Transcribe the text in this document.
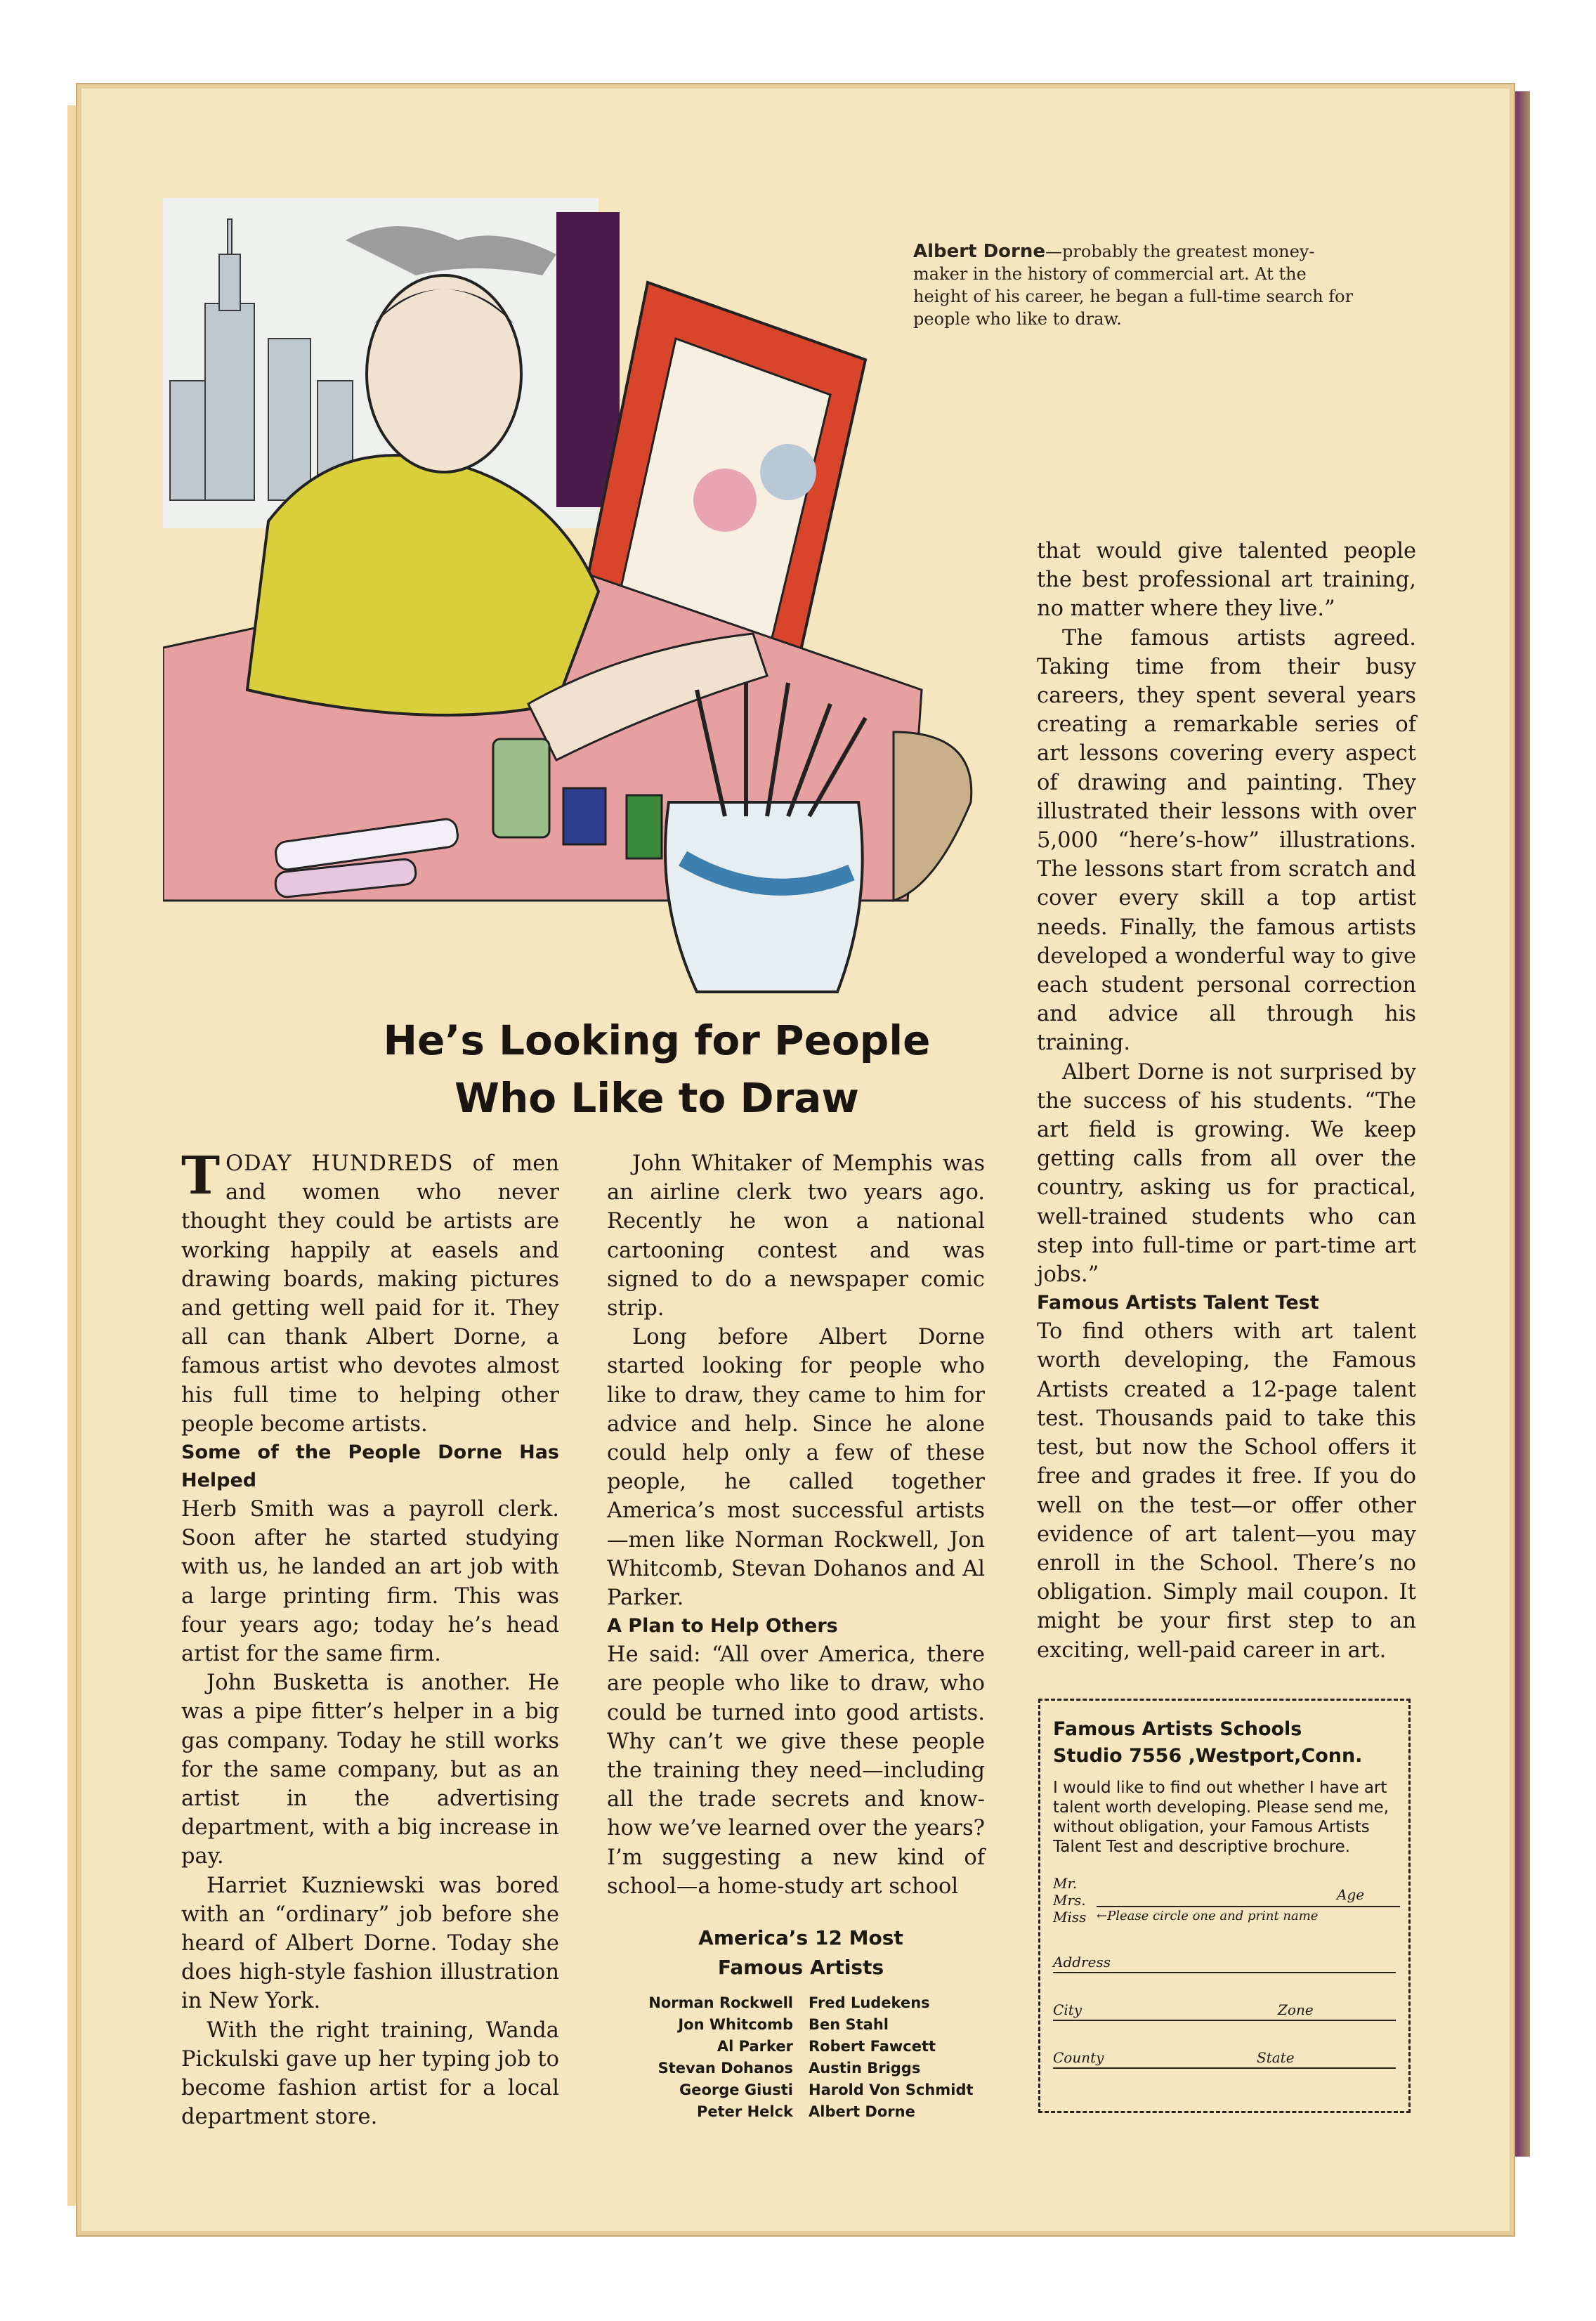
Albert Dorne—probably the greatest money-maker in the history of commercial art. At the height of his career, he began a full-time search for people who like to draw.
He’s Looking for People
Who Like to Draw

TODAY HUNDREDS of men and women who never thought they could be artists are working happily at easels and drawing boards, making pictures and getting well paid for it. They all can thank Albert Dorne, a famous artist who devotes almost his full time to helping other people become artists.

Some of the People Dorne Has Helped

Herb Smith was a payroll clerk. Soon after he started studying with us, he landed an art job with a large printing firm. This was four years ago; today he’s head artist for the same firm.

John Busketta is another. He was a pipe fitter’s helper in a big gas company. Today he still works for the same company, but as an artist in the advertising department, with a big increase in pay.

Harriet Kuzniewski was bored with an “ordinary” job before she heard of Albert Dorne. Today she does high-style fashion illustration in New York.

With the right training, Wanda Pickulski gave up her typing job to become fashion artist for a local department store.

John Whitaker of Memphis was an airline clerk two years ago. Recently he won a national cartooning contest and was signed to do a newspaper comic strip.

Long before Albert Dorne started looking for people who like to draw, they came to him for advice and help. Since he alone could help only a few of these people, he called together America’s most successful artists—men like Norman Rockwell, Jon Whitcomb, Stevan Dohanos and Al Parker.

A Plan to Help Others

He said: “All over America, there are people who like to draw, who could be turned into good artists. Why can’t we give these people the training they need—including all the trade secrets and know-how we’ve learned over the years? I’m suggesting a new kind of school—a home-study art school

that would give talented people the best professional art training, no matter where they live.”

The famous artists agreed. Taking time from their busy careers, they spent several years creating a remarkable series of art lessons covering every aspect of drawing and painting. They illustrated their lessons with over 5,000 “here’s-how” illustrations. The lessons start from scratch and cover every skill a top artist needs. Finally, the famous artists developed a wonderful way to give each student personal correction and advice all through his training.

Albert Dorne is not surprised by the success of his students. “The art field is growing. We keep getting calls from all over the country, asking us for practical, well-trained students who can step into full-time or part-time art jobs.”

Famous Artists Talent Test

To find others with art talent worth developing, the Famous Artists created a 12-page talent test. Thousands paid to take this test, but now the School offers it free and grades it free. If you do well on the test—or offer other evidence of art talent—you may enroll in the School. There’s no obligation. Simply mail coupon. It might be your first step to an exciting, well-paid career in art.

America’s 12 Most
Famous Artists
Norman Rockwell Fred Ludekens
Jon Whitcomb Ben Stahl
Al Parker Robert Fawcett
Stevan Dohanos Austin Briggs
George Giusti Harold Von Schmidt
Peter Helck Albert Dorne
Famous Artists Schools
Studio 7556 ,Westport,Conn.
I would like to find out whether I have art talent worth developing. Please send me, without obligation, your Famous Artists Talent Test and descriptive brochure.
Mr.
Mrs.
Miss
Age
←Please circle one and print name
Address
City	Zone
County	State
